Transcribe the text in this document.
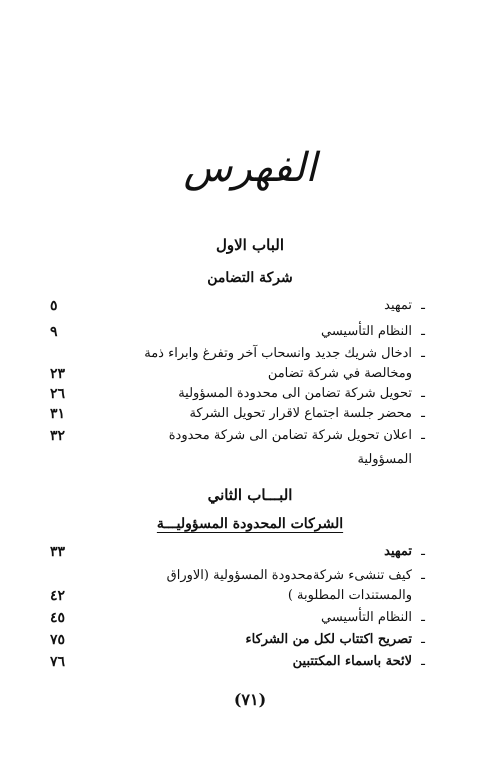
الفهرس
الباب الاول
شركة التضامن
ـ
تمهيد
٥
ـ
النظام التأسيسي
٩
ـ
ادخال شريك جديد وانسحاب آخر وتفرغ وابراء ذمة ومخالصة في شركة تضامن
٢٣
ـ
تحويل شركة تضامن الى محدودة المسؤولية
٢٦
ـ
محضر جلسة اجتماع لاقرار تحويل الشركة
٣١
ـ
اعلان تحويل شركة تضامن الى شركة محدودة المسؤولية
٣٢
البـــاب الثاني
الشركات المحدودة المسؤوليـــة
ـ
تمهيد
٣٣
ـ
كيف تنشىء شركةمحدودة المسؤولية (الاوراق والمستندات المطلوبة )
٤٢
ـ
النظام التأسيسي
٤٥
ـ
تصريح اكتتاب لكل من الشركاء
٧٥
ـ
لائحة باسماء المكتتبين
٧٦
(٧١)
